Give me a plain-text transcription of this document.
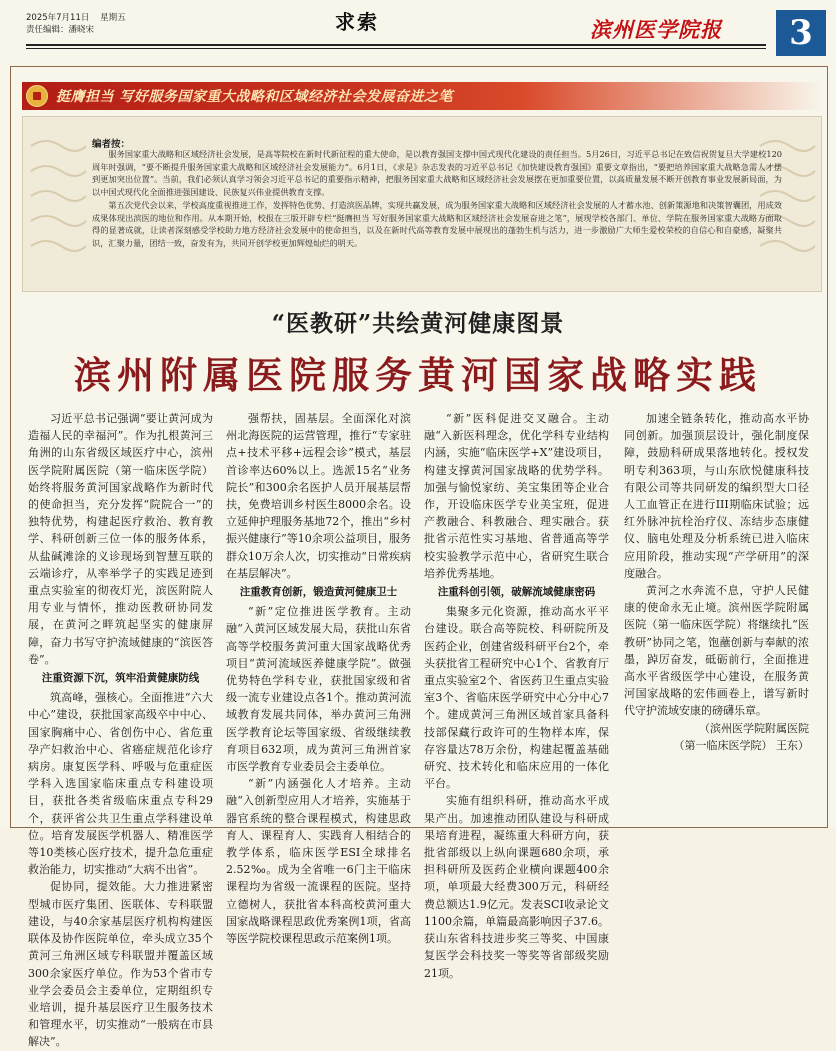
2025年7月11日 星期五
责任编辑：潘晓宋	求索	滨州医学院报	3
挺膺担当 写好服务国家重大战略和区域经济社会发展奋进之笔
编者按：

服务国家重大战略和区域经济社会发展，是高等院校在新时代新征程的重大使命，是以教育强国支撑中国式现代化建设的责任担当。5月26日，习近平总书记在致信祝贺复旦大学建校120周年时强调，“要不断提升服务国家重大战略和区域经济社会发展能力”。6月1日，《求是》杂志发表的习近平总书记《加快建设教育强国》重要文章指出，“要把培养国家重大战略急需人才摆到更加突出位置”。当前，我们必须认真学习领会习近平总书记的重要指示精神，把服务国家重大战略和区域经济社会发展摆在更加重要位置，以高质量发展不断开创教育事业发展新局面，为以中国式现代化全面推进强国建设、民族复兴伟业提供教育支撑。

第五次党代会以来，学校高度重视推进工作，发挥特色优势、打造滨医品牌，实现共赢发展，成为服务国家重大战略和区域经济社会发展的人才蓄水池、创新策源地和决策智囊团，用成效成果体现出滨医的地位和作用。从本期开始，校报在三版开辟专栏“挺膺担当 写好服务国家重大战略和区域经济社会发展奋进之笔”，展现学校各部门、单位、学院在服务国家重大战略方面取得的显著成就，让读者深刻感受学校助力地方经济社会发展中的使命担当，以及在新时代高等教育发展中展现出的蓬勃生机与活力，进一步激励广大师生爱校荣校的自信心和自豪感，凝聚共识，汇聚力量，团结一致，奋发有为，共同开创学校更加辉煌灿烂的明天。

“医教研”共绘黄河健康图景
滨州附属医院服务黄河国家战略实践

习近平总书记强调“要让黄河成为造福人民的幸福河”。作为扎根黄河三角洲的山东省级区域医疗中心，滨州医学院附属医院（第一临床医学院）始终将服务黄河国家战略作为新时代的使命担当，充分发挥“院院合一”的独特优势，构建起医疗救治、教育教学、科研创新三位一体的服务体系，从盐碱滩涂的义诊现场到智慧互联的云端诊疗，从率举学子的实践足迹到重点实验室的彻夜灯光，滨医附院人用专业与情怀，推动医教研协同发展，在黄河之畔筑起坚实的健康屏障，奋力书写守护流域健康的“滨医答卷”。

注重资源下沉，筑牢沿黄健康防线

筑高峰，强核心。全面推进“六大中心”建设，获批国家高级卒中中心、国家胸痛中心、省创伤中心、省危重孕产妇救治中心、省癌症规范化诊疗病房。康复医学科、呼吸与危重症医学科入选国家临床重点专科建设项目，获批各类省级临床重点专科29个，获评省公共卫生重点学科建设单位。培育发展医学机器人、精准医学等10类核心医疗技术，提升急危重症救治能力，切实推动“大病不出省”。

促协同，提效能。大力推进紧密型城市医疗集团、医联体、专科联盟建设，与40余家基层医疗机构构建医联体及协作医院单位，牵头成立35个黄河三角洲区域专科联盟并覆盖区域300余家医疗单位。作为53个省市专业学会委员会主委单位，定期组织专业培训，提升基层医疗卫生服务技术和管理水平，切实推动“一般病在市县解决”。

强帮扶，固基层。全面深化对滨州北海医院的运营管理，推行“专家驻点+技术平移+远程会诊”模式，基层首诊率达60%以上。选派15名“业务院长”和300余名医护人员开展基层帮扶，免费培训乡村医生8000余名。设立延伸护理服务基地72个，推出“乡村振兴健康行”等10余项公益项目，服务群众10万余人次，切实推动“日常疾病在基层解决”。

注重教育创新，锻造黄河健康卫士

“新”定位推进医学教育。主动融“入黄河区域发展大局，获批山东省高等学校服务黄河重大国家战略优秀项目“黄河流域医养健康学院”。做强优势特色学科专业，获批国家级和省级一流专业建设点各1个。推动黄河流域教育发展共同体，举办黄河三角洲医学教育论坛等国家级、省级继续教育项目632项，成为黄河三角洲首家市医学教育专业委员会主委单位。

“新”内涵强化人才培养。主动融“入创新型应用人才培养，实施基于器官系统的整合课程模式，构建思政育人、课程育人、实践育人相结合的教学体系，临床医学ESI全球排名2.52‰。成为全省唯一6门主干临床课程均为省级一流课程的医院。坚持立德树人，获批省本科高校黄河重大国家战略课程思政优秀案例1项，省高等医学院校课程思政示范案例1项。

“新”医科促进交叉融合。主动融“入新医科理念，优化学科专业结构内涵，实施“临床医学+X”建设项目，构建支撑黄河国家战略的优势学科。加强与愉悦家纺、美宝集团等企业合作，开设临床医学专业美宝班，促进产教融合、科教融合、理实融合。获批省示范性实习基地、省普通高等学校实验教学示范中心，省研究生联合培养优秀基地。

注重科创引领，破解流域健康密码

集聚多元化资源，推动高水平平台建设。联合高等院校、科研院所及医药企业，创建省级科研平台2个，牵头获批省工程研究中心1个、省教育厅重点实验室2个、省医药卫生重点实验室3个、省临床医学研究中心分中心7个。建成黄河三角洲区域首家具备科技部保藏行政许可的生物样本库，保存容量达78万余份，构建起覆盖基础研究、技术转化和临床应用的一体化平台。

实施有组织科研，推动高水平成果产出。加速推动团队建设与科研成果培育进程，凝练重大科研方向，获批省部级以上纵向课题680余项，承担科研所及医药企业横向课题400余项，单项最大经费300万元，科研经费总额达1.9亿元。发表SCI收录论文1100余篇，单篇最高影响因子37.6。获山东省科技进步奖三等奖、中国康复医学会科技奖一等奖等省部级奖励21项。

加速全链条转化，推动高水平协同创新。加强顶层设计，强化制度保障，鼓励科研成果落地转化。授权发明专利363项，与山东欣悦健康科技有限公司等共同研发的编织型大口径人工血管正在进行III期临床试验；远红外脉冲抗栓治疗仪、冻结步态康健仪、脑电处理及分析系统已进入临床应用阶段，推动实现“产学研用”的深度融合。

黄河之水奔流不息，守护人民健康的使命永无止境。滨州医学院附属医院（第一临床医学院）将继续扎“医教研”协同之笔，饱蘸创新与奉献的浓墨，踔厉奋发，砥砺前行，全面推进高水平省级医学中心建设，在服务黄河国家战略的宏伟画卷上，谱写新时代守护流域安康的磅礴乐章。

（滨州医学院附属医院

（第一临床医学院） 王东）
